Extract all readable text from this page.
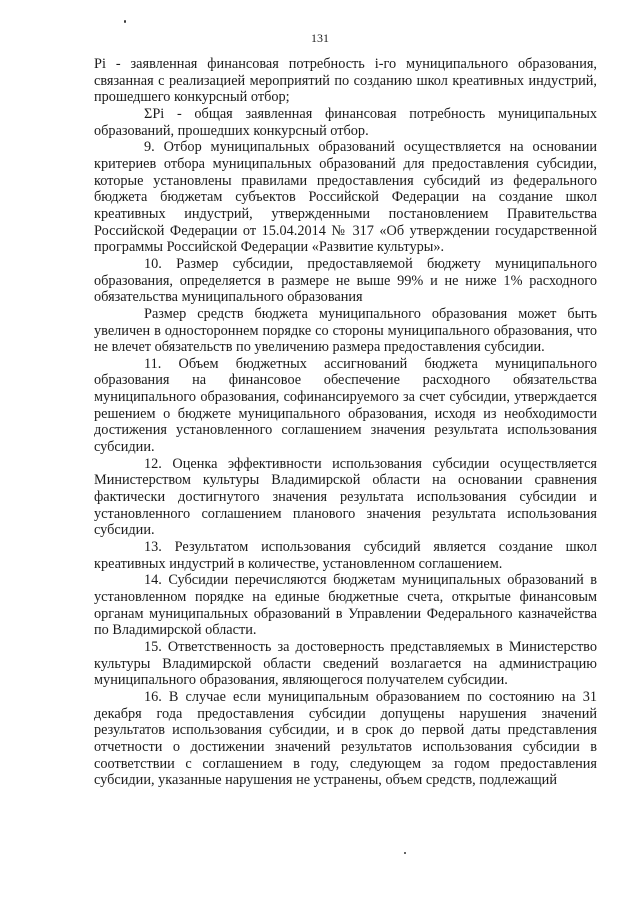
131

Pi - заявленная финансовая потребность i-го муниципального образования, связанная с реализацией мероприятий по созданию школ креативных индустрий, прошедшего конкурсный отбор;

ΣPi - общая заявленная финансовая потребность муниципальных образований, прошедших конкурсный отбор.

9. Отбор муниципальных образований осуществляется на основании критериев отбора муниципальных образований для предоставления субсидии, которые установлены правилами предоставления субсидий из федерального бюджета бюджетам субъектов Российской Федерации на создание школ креативных индустрий, утвержденными постановлением Правительства Российской Федерации от 15.04.2014 № 317 «Об утверждении государственной программы Российской Федерации «Развитие культуры».

10. Размер субсидии, предоставляемой бюджету муниципального образования, определяется в размере не выше 99% и не ниже 1% расходного обязательства муниципального образования

Размер средств бюджета муниципального образования может быть увеличен в одностороннем порядке со стороны муниципального образования, что не влечет обязательств по увеличению размера предоставления субсидии.

11. Объем бюджетных ассигнований бюджета муниципального образования на финансовое обеспечение расходного обязательства муниципального образования, софинансируемого за счет субсидии, утверждается решением о бюджете муниципального образования, исходя из необходимости достижения установленного соглашением значения результата использования субсидии.

12. Оценка эффективности использования субсидии осуществляется Министерством культуры Владимирской области на основании сравнения фактически достигнутого значения результата использования субсидии и установленного соглашением планового значения результата использования субсидии.

13. Результатом использования субсидий является создание школ креативных индустрий в количестве, установленном соглашением.

14. Субсидии перечисляются бюджетам муниципальных образований в установленном порядке на единые бюджетные счета, открытые финансовым органам муниципальных образований в Управлении Федерального казначейства по Владимирской области.

15. Ответственность за достоверность представляемых в Министерство культуры Владимирской области сведений возлагается на администрацию муниципального образования, являющегося получателем субсидии.

16. В случае если муниципальным образованием по состоянию на 31 декабря года предоставления субсидии допущены нарушения значений результатов использования субсидии, и в срок до первой даты представления отчетности о достижении значений результатов использования субсидии в соответствии с соглашением в году, следующем за годом предоставления субсидии, указанные нарушения не устранены, объем средств, подлежащий
